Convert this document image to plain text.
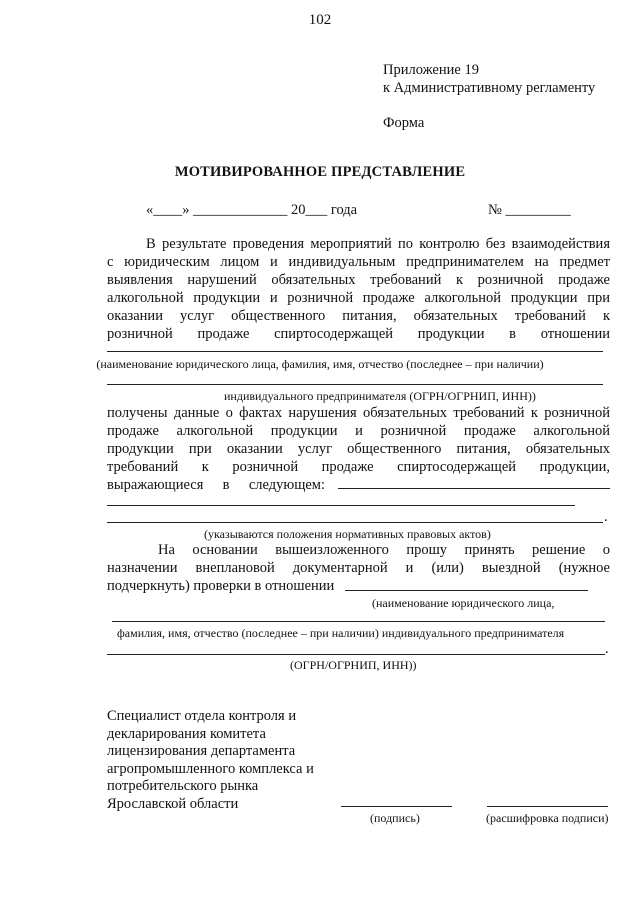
102
Приложение 19
к Административному регламенту
Форма
МОТИВИРОВАННОЕ ПРЕДСТАВЛЕНИЕ
«____» _____________ 20___ года	№ _________
В результате проведения мероприятий по контролю без взаимодействия
с юридическим лицом и индивидуальным предпринимателем на предмет
выявления нарушений обязательных требований к розничной продаже
алкогольной продукции и розничной продаже алкогольной продукции при
оказании услуг общественного питания, обязательных требований к
розничной продаже спиртосодержащей продукции в отношении
(наименование юридического лица, фамилия, имя, отчество (последнее – при наличии)
индивидуального предпринимателя (ОГРН/ОГРНИП, ИНН))
получены данные о фактах нарушения обязательных требований к розничной
продаже алкогольной продукции и розничной продаже алкогольной
продукции при оказании услуг общественного питания, обязательных
требований к розничной продаже спиртосодержащей продукции,
выражающиеся в следующем:
.
(указываются положения нормативных правовых актов)
На основании вышеизложенного прошу принять решение о
назначении внеплановой документарной и (или) выездной (нужное
подчеркнуть) проверки в отношении
(наименование юридического лица,
фамилия, имя, отчество (последнее – при наличии) индивидуального предпринимателя
.
(ОГРН/ОГРНИП, ИНН))
Специалист отдела контроля и декларирования комитета лицензирования департамента агропромышленного комплекса и потребительского рынка Ярославской области
(подпись)	(расшифровка подписи)
